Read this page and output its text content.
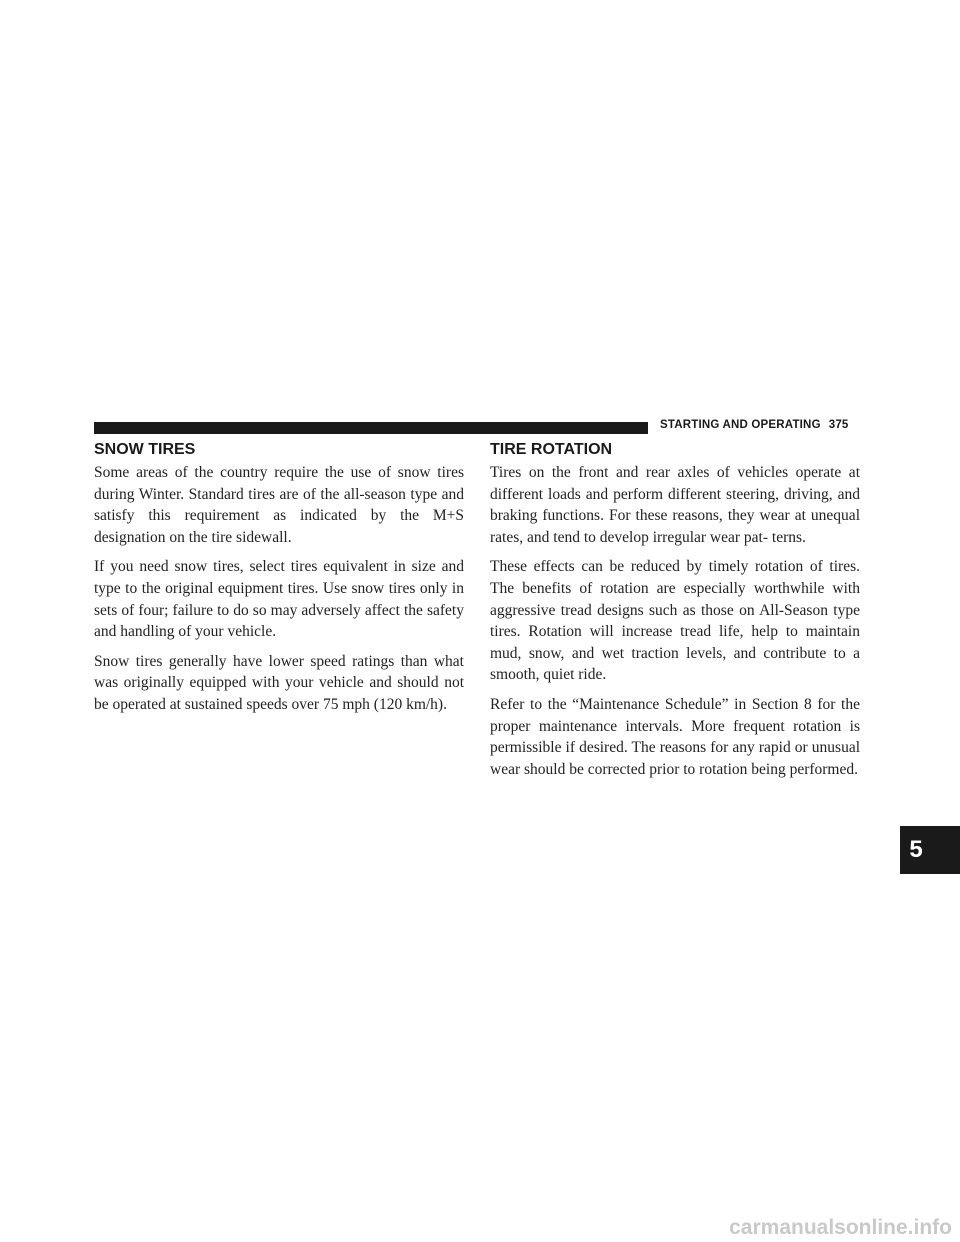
STARTING AND OPERATING 375
SNOW TIRES

Some areas of the country require the use of snow tires during Winter. Standard tires are of the all-season type and satisfy this requirement as indicated by the M+S designation on the tire sidewall.

If you need snow tires, select tires equivalent in size and type to the original equipment tires. Use snow tires only in sets of four; failure to do so may adversely affect the safety and handling of your vehicle.

Snow tires generally have lower speed ratings than what was originally equipped with your vehicle and should not be operated at sustained speeds over 75 mph (120 km/h).

TIRE ROTATION

Tires on the front and rear axles of vehicles operate at different loads and perform different steering, driving, and braking functions. For these reasons, they wear at unequal rates, and tend to develop irregular wear pat- terns.

These effects can be reduced by timely rotation of tires. The benefits of rotation are especially worthwhile with aggressive tread designs such as those on All-Season type tires. Rotation will increase tread life, help to maintain mud, snow, and wet traction levels, and contribute to a smooth, quiet ride.

Refer to the “Maintenance Schedule” in Section 8 for the proper maintenance intervals. More frequent rotation is permissible if desired. The reasons for any rapid or unusual wear should be corrected prior to rotation being performed.

5
carmanualsonline.info
